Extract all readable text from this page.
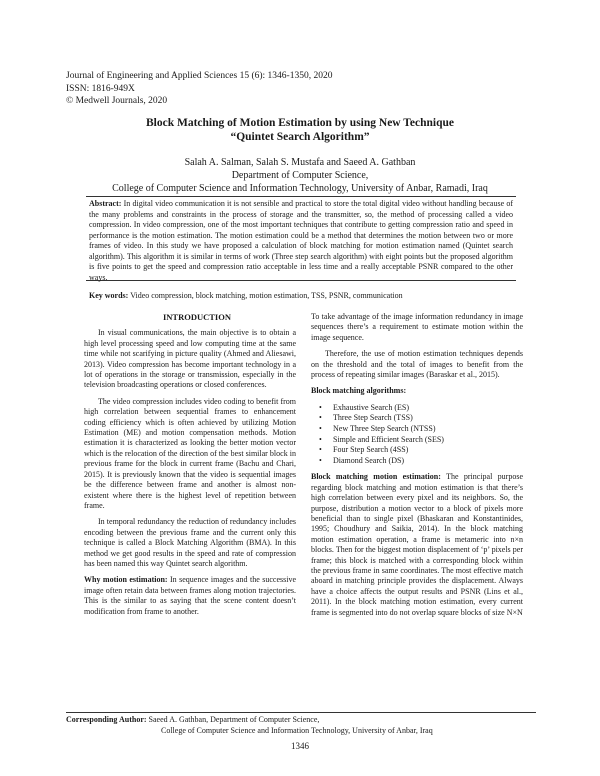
Journal of Engineering and Applied Sciences 15 (6): 1346-1350, 2020
ISSN: 1816-949X
© Medwell Journals, 2020
Block Matching of Motion Estimation by using New Technique
“Quintet Search Algorithm”
Salah A. Salman, Salah S. Mustafa and Saeed A. Gathban
Department of Computer Science,
College of Computer Science and Information Technology, University of Anbar, Ramadi, Iraq
Abstract: In digital video communication it is not sensible and practical to store the total digital video without handling because of the many problems and constraints in the process of storage and the transmitter, so, the method of processing called a video compression. In video compression, one of the most important techniques that contribute to getting compression ratio and speed in performance is the motion estimation. The motion estimation could be a method that determines the motion between two or more frames of video. In this study we have proposed a calculation of block matching for motion estimation named (Quintet search algorithm). This algorithm it is similar in terms of work (Three step search algorithm) with eight points but the proposed algorithm is five points to get the speed and compression ratio acceptable in less time and a really acceptable PSNR compared to the other ways.
Key words: Video compression, block matching, motion estimation, TSS, PSNR, communication

INTRODUCTION

In visual communications, the main objective is to obtain a high level processing speed and low computing time at the same time while not scarifying in picture quality (Ahmed and Aliesawi, 2013). Video compression has become important technology in a lot of operations in the storage or transmission, especially in the television broadcasting operations or closed conferences.

The video compression includes video coding to benefit from high correlation between sequential frames to enhancement coding efficiency which is often achieved by utilizing Motion Estimation (ME) and motion compensation methods. Motion estimation it is characterized as looking the better motion vector which is the relocation of the direction of the best similar block in previous frame for the block in current frame (Bachu and Chari, 2015). It is previously known that the video is sequential images be the difference between frame and another is almost non-existent where there is the highest level of repetition between frame.

In temporal redundancy the reduction of redundancy includes encoding between the previous frame and the current only this technique is called a Block Matching Algorithm (BMA). In this method we get good results in the speed and rate of compression has been named this way Quintet search algorithm.

Why motion estimation: In sequence images and the successive image often retain data between frames along motion trajectories. This is the similar to as saying that the scene content doesn’t modification from frame to another.

To take advantage of the image information redundancy in image sequences there’s a requirement to estimate motion within the image sequence.

Therefore, the use of motion estimation techniques depends on the threshold and the total of images to benefit from the process of repeating similar images (Baraskar et al., 2015).

Block matching algorithms:

• Exhaustive Search (ES)
• Three Step Search (TSS)
• New Three Step Search (NTSS)
• Simple and Efficient Search (SES)
• Four Step Search (4SS)
• Diamond Search (DS)

Block matching motion estimation: The principal purpose regarding block matching and motion estimation is that there’s high correlation between every pixel and its neighbors. So, the purpose, distribution a motion vector to a block of pixels more beneficial than to single pixel (Bhaskaran and Konstantinides, 1995; Choudhury and Saikia, 2014). In the block matching motion estimation operation, a frame is metameric into n×n blocks. Then for the biggest motion displacement of ‘p’ pixels per frame; this block is matched with a corresponding block within the previous frame in same coordinates. The most effective match aboard in matching principle provides the displacement. Always have a choice affects the output results and PSNR (Lins et al., 2011). In the block matching motion estimation, every current frame is segmented into do not overlap square blocks of size N×N

Corresponding Author: Saeed A. Gathban, Department of Computer Science,
College of Computer Science and Information Technology, University of Anbar, Iraq
1346
